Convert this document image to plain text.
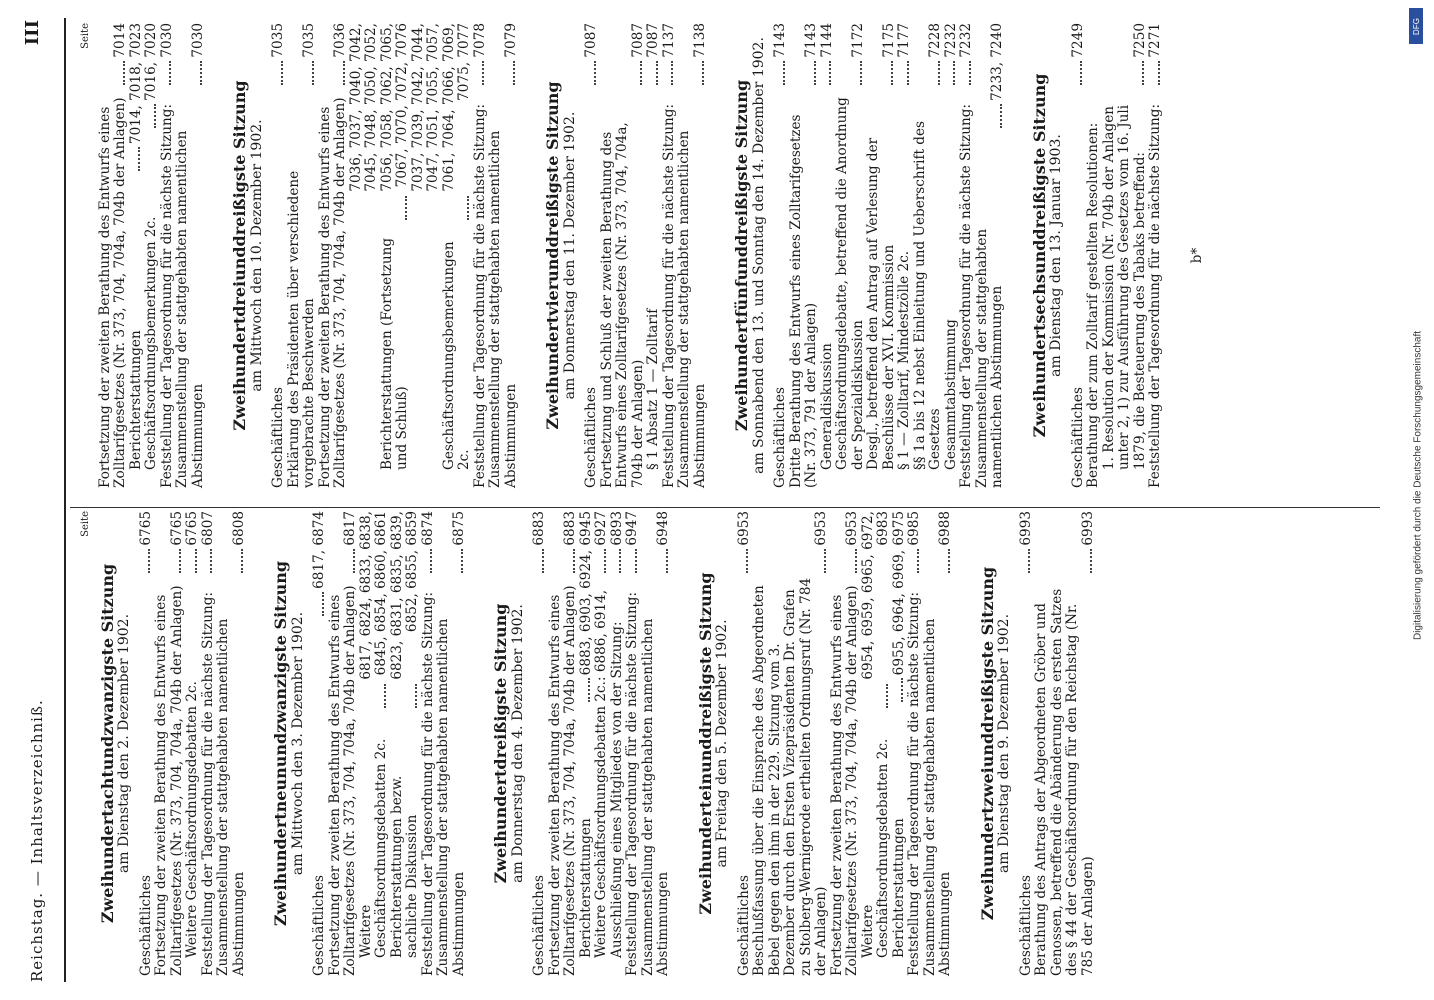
Reichstag. — Inhaltsverzeichniß.
III
Seite
Zweihundertachtundzwanzigste Sitzung am Dienstag den 2. Dezember 1902.
Geschäftliches
6765
Fortsetzung der zweiten Berathung des Entwurfs eines Zolltarifgesetzes (Nr. 373, 704, 704a, 704b der Anlagen)
6765
Weitere Geschäftsordnungsdebatten 2c.
6765
Feststellung der Tagesordnung für die nächste Sitzung:
6807
Zusammenstellung der stattgehabten namentlichen Abstimmungen
6808
Zweihundertneunundzwanzigste Sitzung am Mittwoch den 3. Dezember 1902.
Geschäftliches
6817, 6874
Fortsetzung der zweiten Berathung des Entwurfs eines Zolltarifgesetzes (Nr. 373, 704, 704a, 704b der Anlagen)
6817
Weitere Geschäftsordnungsdebatten 2c.
6817, 6824, 6833, 6838, 6845, 6854, 6860, 6861
Berichterstattungen bezw. sachliche Diskussion
6823, 6831, 6835, 6839, 6852, 6855, 6859
Feststellung der Tagesordnung für die nächste Sitzung:
6874
Zusammenstellung der stattgehabten namentlichen Abstimmungen
6875
Zweihundertdreißigste Sitzung am Donnerstag den 4. Dezember 1902.
Geschäftliches
6883
Fortsetzung der zweiten Berathung des Entwurfs eines Zolltarifgesetzes (Nr. 373, 704, 704a, 704b der Anlagen)
6883
Berichterstattungen
6883, 6903, 6924, 6945 Weitere Geschäftsordnungsdebatten 2c.: 6886, 6914,
6927
Ausschließung eines Mitgliedes von der Sitzung:
6893
Feststellung der Tagesordnung für die nächste Sitzung:
6947
Zusammenstellung der stattgehabten namentlichen Abstimmungen
6948
Zweihunderteinunddreißigste Sitzung am Freitag den 5. Dezember 1902.
Geschäftliches
6953
Beschlußfassung über die Einsprache des Abgeordneten Bebel gegen den ihm in der 229. Sitzung vom 3. Dezember durch den Ersten Vizepräsidenten Dr. Grafen zu Stolberg-Wernigerode ertheilten Ordnungsruf (Nr. 784 der Anlagen)
6953
Fortsetzung der zweiten Berathung des Entwurfs eines Zolltarifgesetzes (Nr. 373, 704, 704a, 704b der Anlagen)
6953
Weitere Geschäftsordnungsdebatten 2c.
6954, 6959, 6965, 6972, 6983
Berichterstattungen
6955, 6964, 6969, 6975 Feststellung der Tagesordnung für die nächste Sitzung:
6985
Zusammenstellung der stattgehabten namentlichen Abstimmungen
6988
Zweihundertzweiunddreißigste Sitzung am Dienstag den 9. Dezember 1902.
Geschäftliches
6993
Berathung des Antrags der Abgeordneten Gröber und Genossen, betreffend die Abänderung des ersten Satzes des § 44 der Geschäftsordnung für den Reichstag (Nr. 785 der Anlagen)
6993
Seite
Fortsetzung der zweiten Berathung des Entwurfs eines Zolltarifgesetzes (Nr. 373, 704, 704a, 704b der Anlagen)
7014
Berichterstattungen
7014, 7018, 7023
Geschäftsordnungsbemerkungen 2c.
7016, 7020
Feststellung der Tagesordnung für die nächste Sitzung:
7030
Zusammenstellung der stattgehabten namentlichen Abstimmungen
7030
Zweihundertdreiunddreißigste Sitzung am Mittwoch den 10. Dezember 1902.
Geschäftliches
7035
Erklärung des Präsidenten über verschiedene vorgebrachte Beschwerden
7035
Fortsetzung der zweiten Berathung des Entwurfs eines Zolltarifgesetzes (Nr. 373, 704, 704a, 704b der Anlagen)
7036
Berichterstattungen (Fortsetzung und Schluß)
7036, 7037, 7040, 7042, 7045, 7048, 7050, 7052, 7056, 7058, 7062, 7065, 7067, 7070, 7072, 7076
Geschäftsordnungsbemerkungen 2c.
7037, 7039, 7042, 7044, 7047, 7051, 7055, 7057, 7061, 7064, 7066, 7069, 7075, 7077
Feststellung der Tagesordnung für die nächste Sitzung:
7078
Zusammenstellung der stattgehabten namentlichen Abstimmungen
7079
Zweihundertvierunddreißigste Sitzung am Donnerstag den 11. Dezember 1902.
Geschäftliches
7087
Fortsetzung und Schluß der zweiten Berathung des Entwurfs eines Zolltarifgesetzes (Nr. 373, 704, 704a, 704b der Anlagen)
7087
§ 1 Absatz 1 — Zolltarif
7087
Feststellung der Tagesordnung für die nächste Sitzung:
7137
Zusammenstellung der stattgehabten namentlichen Abstimmungen
7138
Zweihundertfünfunddreißigste Sitzung am Sonnabend den 13. und Sonntag den 14. Dezember 1902. Geschäftliches
7143
Dritte Berathung des Entwurfs eines Zolltarifgesetzes (Nr. 373, 791 der Anlagen)
7143
Generaldiskussion
7144
Geschäftsordnungsdebatte, betreffend die Anordnung der Spezialdiskussion
7172
Desgl., betreffend den Antrag auf Verlesung der Beschlüsse der XVI. Kommission
7175
§ 1 — Zolltarif, Mindestzölle 2c.
7177
§§ 1a bis 12 nebst Einleitung und Ueberschrift des Gesetzes
7228
Gesammtabstimmung
7232
Feststellung der Tagesordnung für die nächste Sitzung:
7232
Zusammenstellung der stattgehabten namentlichen Abstimmungen
7233, 7240
Zweihundertsechsunddreißigste Sitzung am Dienstag den 13. Januar 1903.
Geschäftliches
7249
Berathung der zum Zolltarif gestellten Resolutionen: 1. Resolution der Kommission (Nr. 704b der Anlagen unter 2, 1) zur Ausführung des Gesetzes vom 16. Juli 1879, die Besteuerung des Tabaks betreffend:
7250
Feststellung der Tagesordnung für die nächste Sitzung:
7271
b*
DFG
Digitalisierung gefördert durch die Deutsche Forschungsgemeinschaft
